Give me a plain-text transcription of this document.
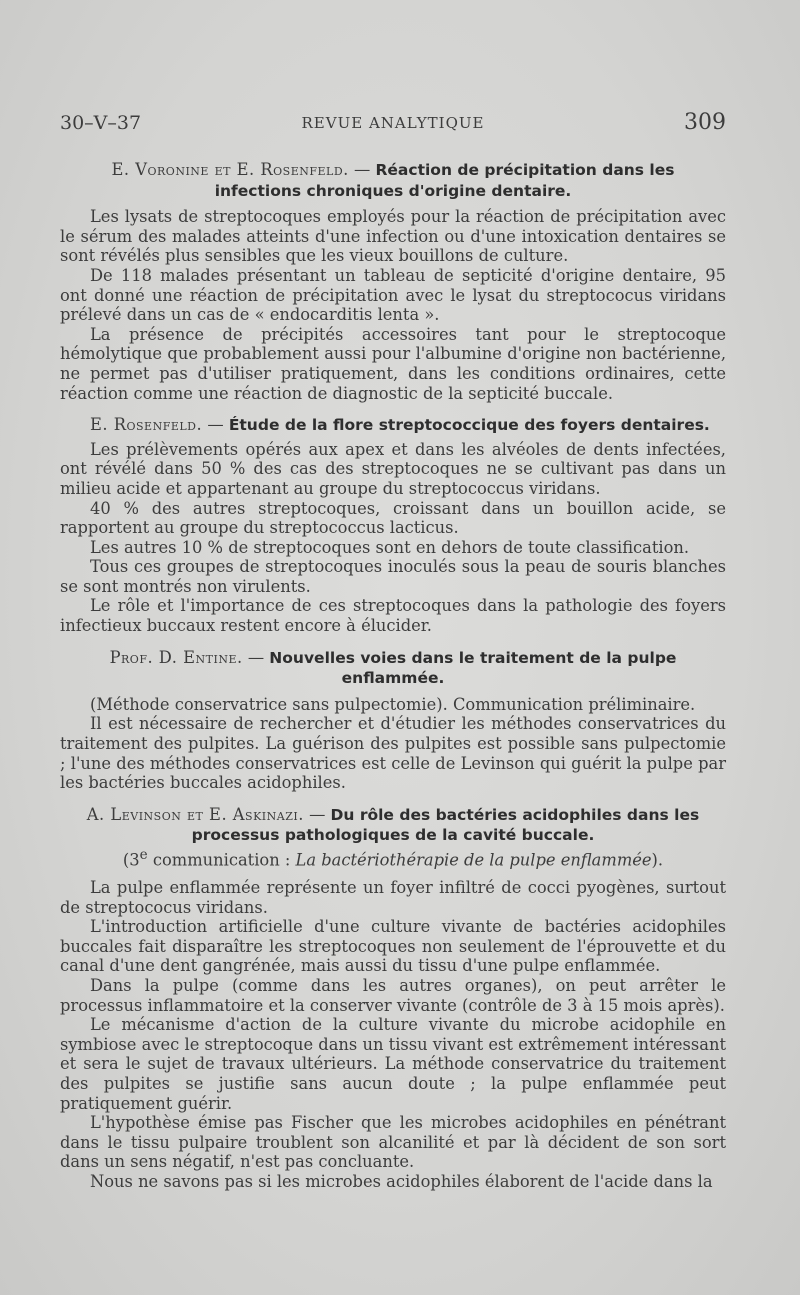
30–V–37	REVUE ANALYTIQUE	309
E. Voronine et E. Rosenfeld. — Réaction de précipitation dans les infections chroniques d'origine dentaire.

Les lysats de streptocoques employés pour la réaction de précipitation avec le sérum des malades atteints d'une infection ou d'une intoxication dentaires se sont révélés plus sensibles que les vieux bouillons de culture.

De 118 malades présentant un tableau de septicité d'origine dentaire, 95 ont donné une réaction de précipitation avec le lysat du streptococus viridans prélevé dans un cas de « endocarditis lenta ».

La présence de précipités accessoires tant pour le streptocoque hémolytique que probablement aussi pour l'albumine d'origine non bactérienne, ne permet pas d'utiliser pratiquement, dans les conditions ordinaires, cette réaction comme une réaction de diagnostic de la septicité buccale.

E. Rosenfeld. — Étude de la flore streptococcique des foyers dentaires.

Les prélèvements opérés aux apex et dans les alvéoles de dents infectées, ont révélé dans 50 % des cas des streptocoques ne se cultivant pas dans un milieu acide et appartenant au groupe du streptococcus viridans.

40 % des autres streptocoques, croissant dans un bouillon acide, se rapportent au groupe du streptococcus lacticus.

Les autres 10 % de streptocoques sont en dehors de toute classification.

Tous ces groupes de streptocoques inoculés sous la peau de souris blanches se sont montrés non virulents.

Le rôle et l'importance de ces streptocoques dans la pathologie des foyers infectieux buccaux restent encore à élucider.

Prof. D. Entine. — Nouvelles voies dans le traitement de la pulpe enflammée.

(Méthode conservatrice sans pulpectomie). Communication préliminaire.

Il est nécessaire de rechercher et d'étudier les méthodes conservatrices du traitement des pulpites. La guérison des pulpites est possible sans pulpectomie ; l'une des méthodes conservatrices est celle de Levinson qui guérit la pulpe par les bactéries buccales acidophiles.

A. Levinson et E. Askinazi. — Du rôle des bactéries acidophiles dans les processus pathologiques de la cavité buccale.

(3e communication : La bactériothérapie de la pulpe enflammée).

La pulpe enflammée représente un foyer infiltré de cocci pyogènes, surtout de streptococus viridans.

L'introduction artificielle d'une culture vivante de bactéries acidophiles buccales fait disparaître les streptocoques non seulement de l'éprouvette et du canal d'une dent gangrénée, mais aussi du tissu d'une pulpe enflammée.

Dans la pulpe (comme dans les autres organes), on peut arrêter le processus inflammatoire et la conserver vivante (contrôle de 3 à 15 mois après).

Le mécanisme d'action de la culture vivante du microbe acidophile en symbiose avec le streptocoque dans un tissu vivant est extrêmement intéressant et sera le sujet de travaux ultérieurs. La méthode conservatrice du traitement des pulpites se justifie sans aucun doute ; la pulpe enflammée peut pratiquement guérir.

L'hypothèse émise pas Fischer que les microbes acidophiles en pénétrant dans le tissu pulpaire troublent son alcanilité et par là décident de son sort dans un sens négatif, n'est pas concluante.

Nous ne savons pas si les microbes acidophiles élaborent de l'acide dans la
